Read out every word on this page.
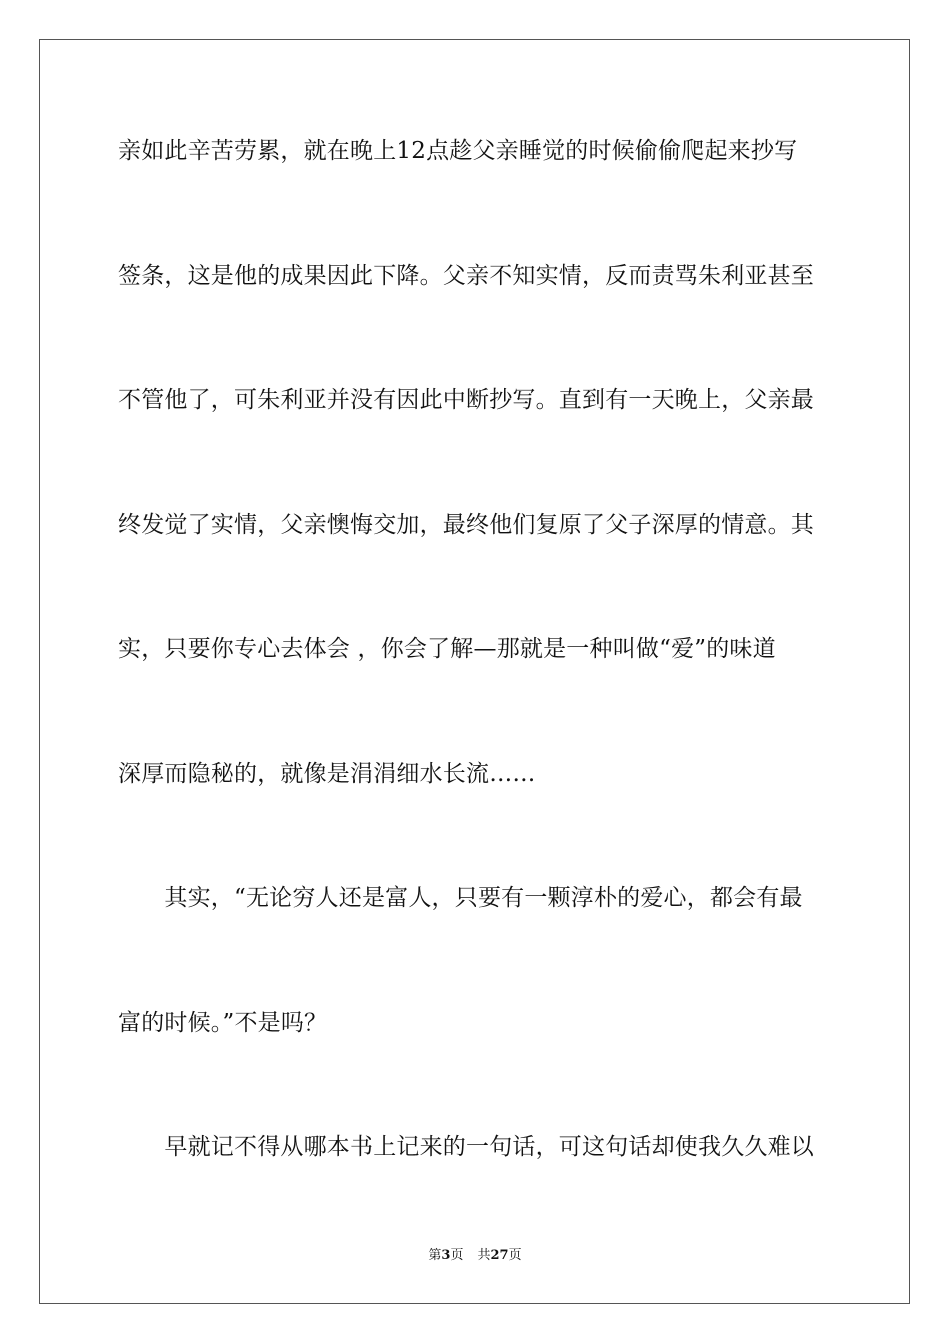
亲如此辛苦劳累，就在晚上12点趁父亲睡觉的时候偷偷爬起来抄写
签条，这是他的成果因此下降。父亲不知实情，反而责骂朱利亚甚至
不管他了，可朱利亚并没有因此中断抄写。直到有一天晚上，父亲最
终发觉了实情，父亲懊悔交加，最终他们复原了父子深厚的情意。其
实，只要你专心去体会 ，你会了解—那就是一种叫做“爱”的味道
深厚而隐秘的，就像是涓涓细水长流……
　　其实，“无论穷人还是富人，只要有一颗淳朴的爱心，都会有最
富的时候。”不是吗？
　　早就记不得从哪本书上记来的一句话，可这句话却使我久久难以
第3页 共27页
